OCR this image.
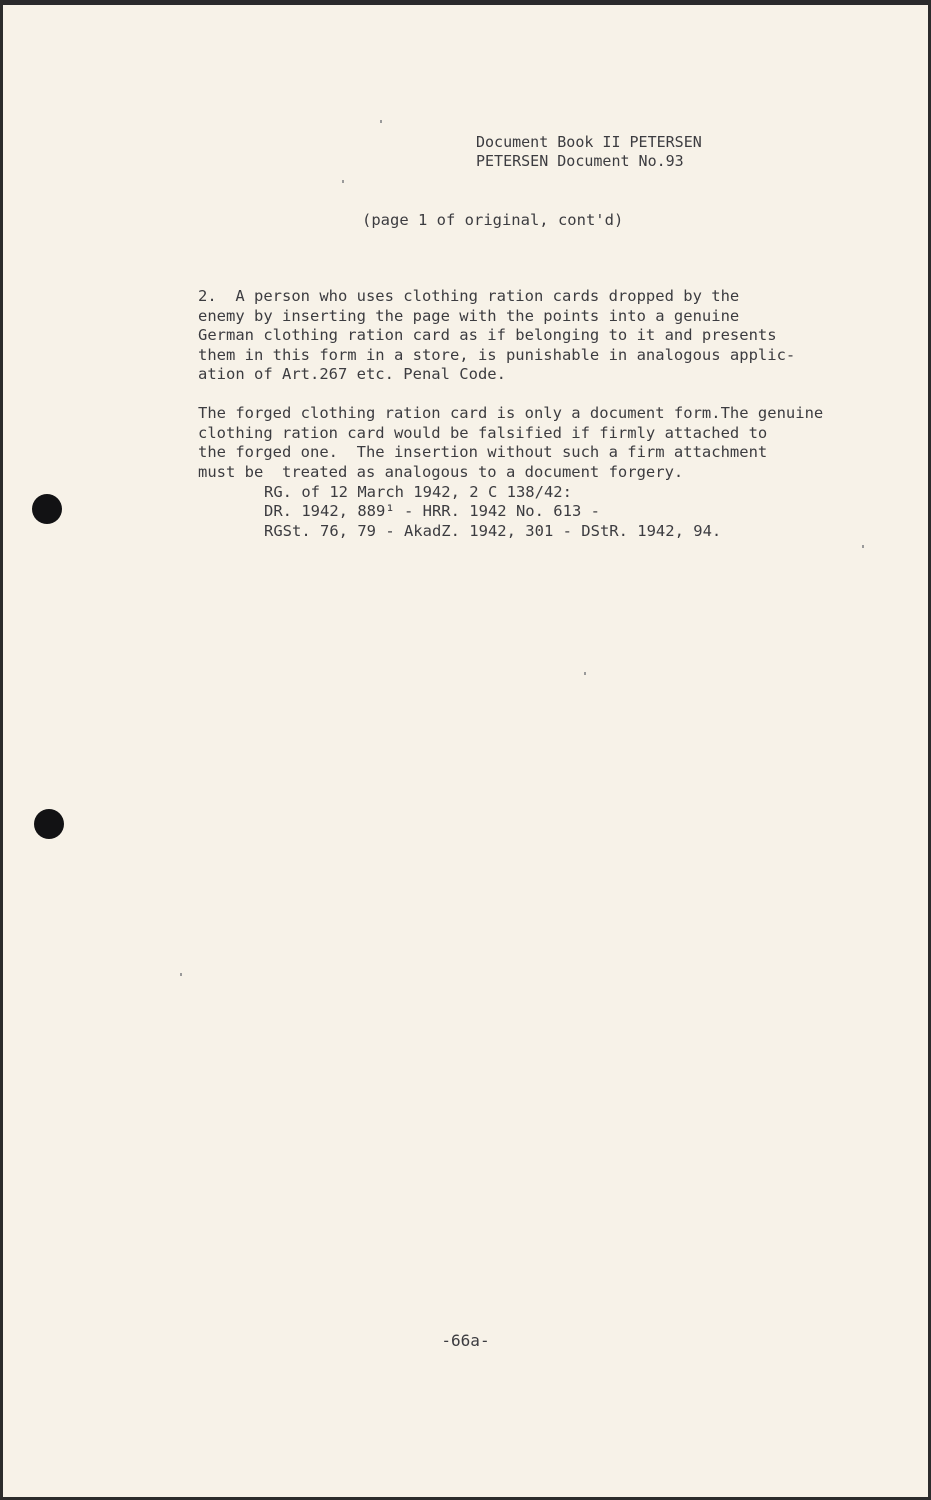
Document Book II PETERSEN
PETERSEN Document No.93
(page 1 of original, cont'd)
2.  A person who uses clothing ration cards dropped by the
enemy by inserting the page with the points into a genuine
German clothing ration card as if belonging to it and presents
them in this form in a store, is punishable in analogous applic-
ation of Art.267 etc. Penal Code.
The forged clothing ration card is only a document form.The genuine
clothing ration card would be falsified if firmly attached to
the forged one.  The insertion without such a firm attachment
must be  treated as analogous to a document forgery.
RG. of 12 March 1942, 2 C 138/42:
DR. 1942, 889¹ - HRR. 1942 No. 613 -
RGSt. 76, 79 - AkadZ. 1942, 301 - DStR. 1942, 94.
-66a-
